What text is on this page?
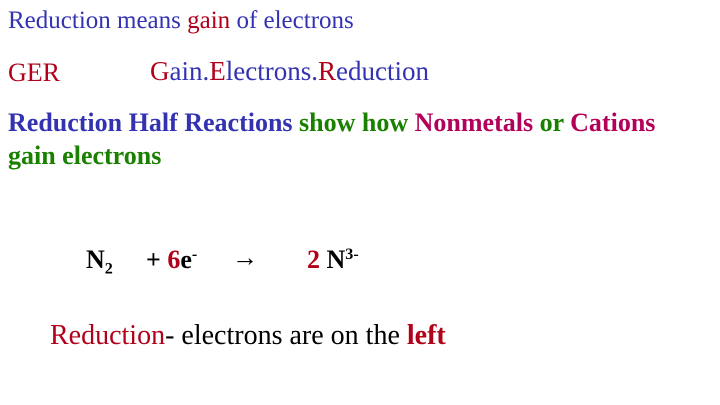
Reduction means gain of electrons
GER	Gain.Electrons.Reduction
Reduction Half Reactions show how Nonmetals or Cations
gain electrons
$N_2 + 6e^- \to 2$ $N^{3-}$
Reduction- electrons are on the left
